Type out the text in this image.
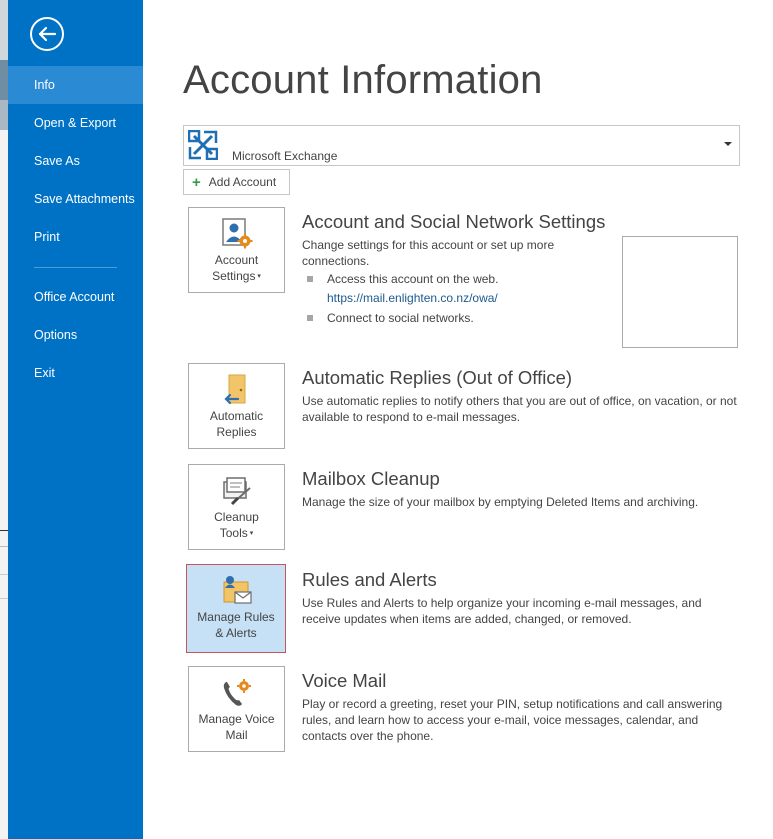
Info
Open & Export
Save As
Save Attachments
Print
Office Account
Options
Exit
Account Information
Microsoft Exchange
+ Add Account
Account
Settings ▾
Account and Social Network Settings
Change settings for this account or set up more connections.
Access this account on the web.
https://mail.enlighten.co.nz/owa/
Connect to social networks.
Automatic
Replies
Automatic Replies (Out of Office)
Use automatic replies to notify others that you are out of office, on vacation, or not available to respond to e-mail messages.
Cleanup
Tools ▾
Mailbox Cleanup
Manage the size of your mailbox by emptying Deleted Items and archiving.
Manage Rules
& Alerts
Rules and Alerts
Use Rules and Alerts to help organize your incoming e-mail messages, and receive updates when items are added, changed, or removed.
Manage Voice
Mail
Voice Mail
Play or record a greeting, reset your PIN, setup notifications and call answering rules, and learn how to access your e-mail, voice messages, calendar, and contacts over the phone.
